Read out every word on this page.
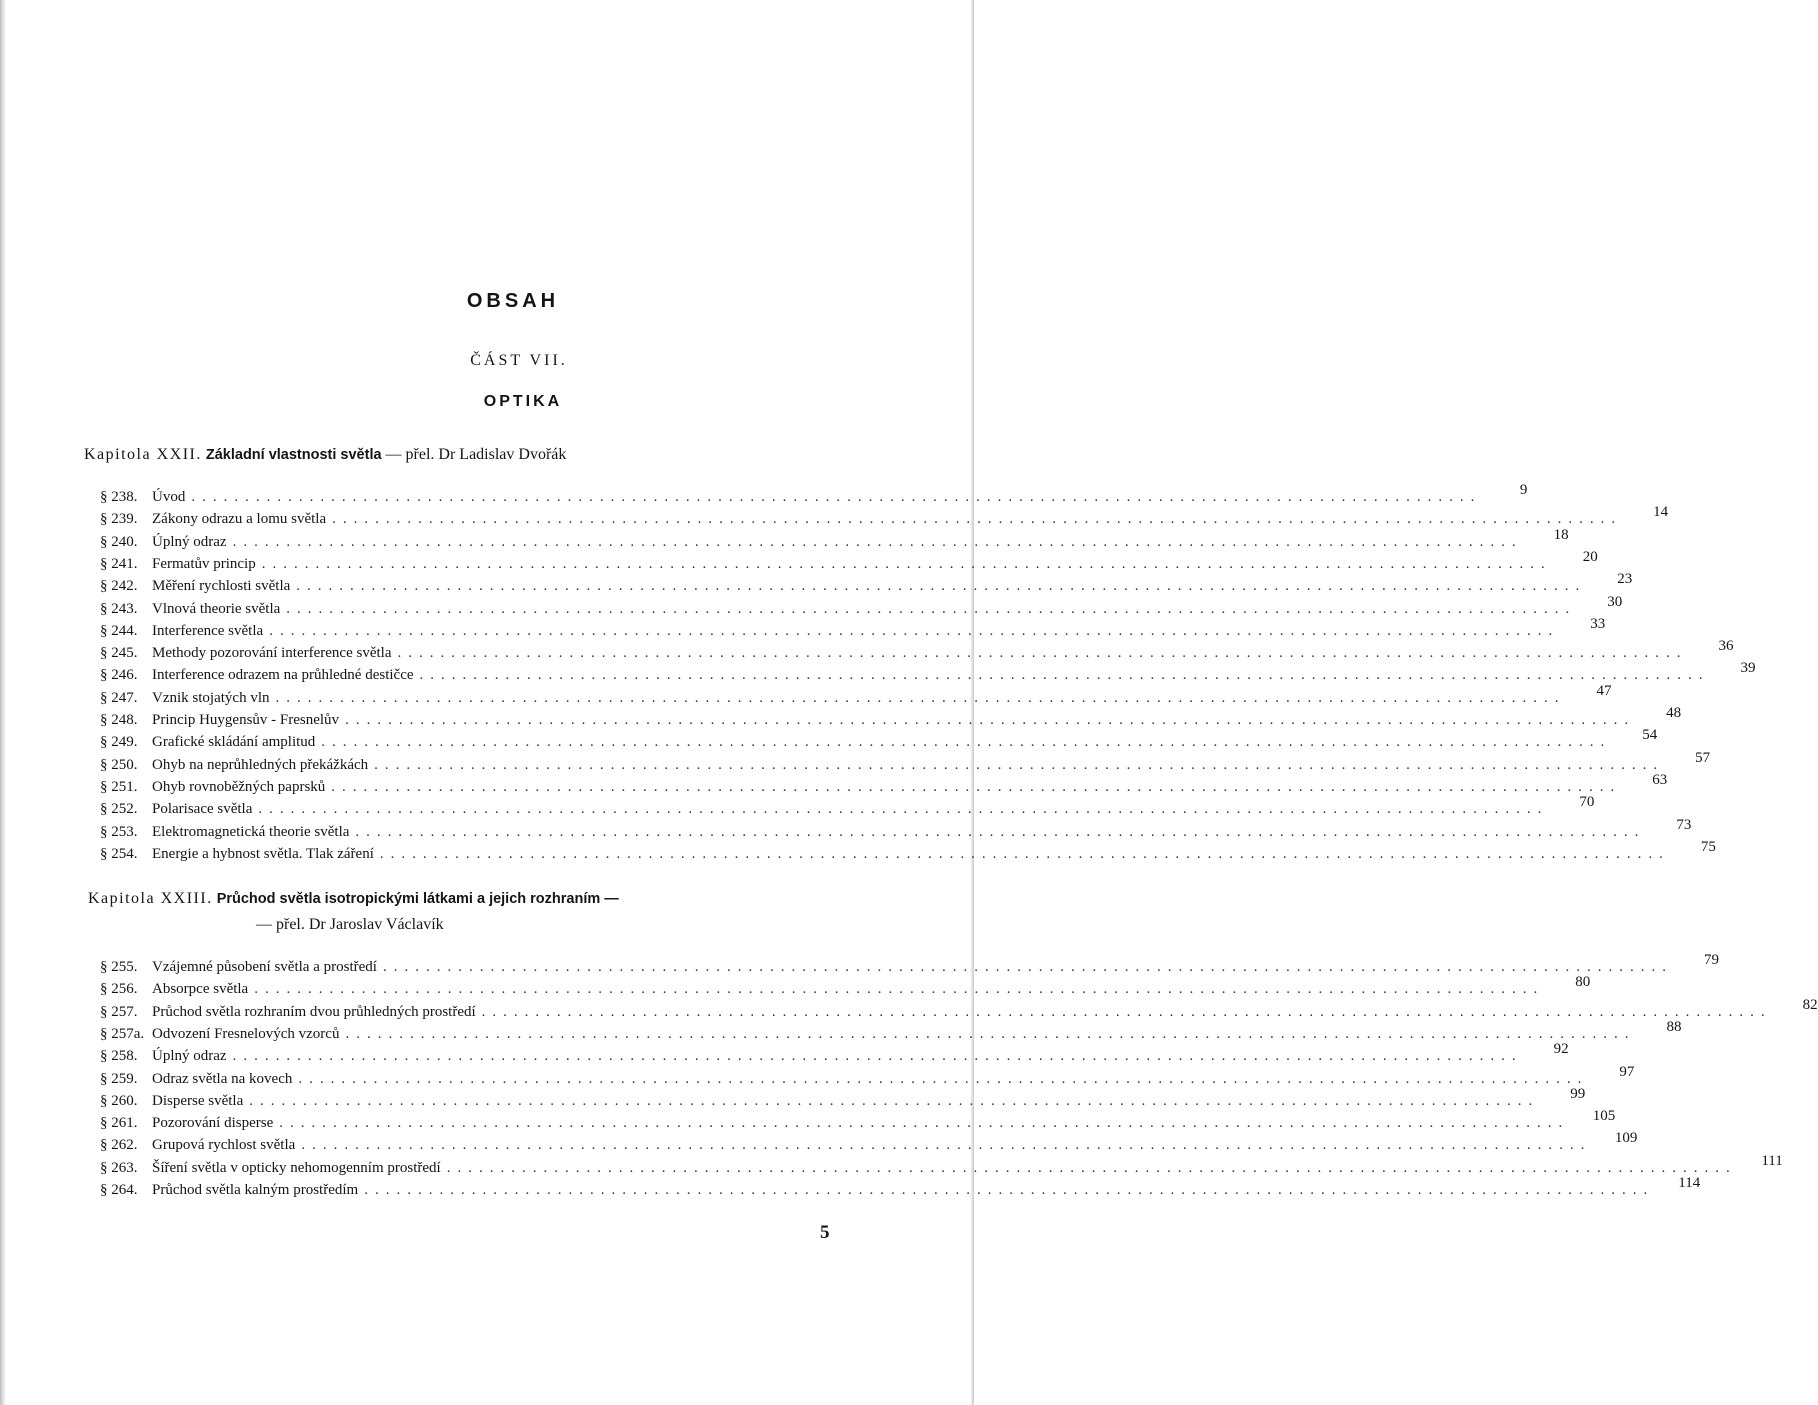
OBSAH
ČÁST VII.
OPTIKA
Kapitola XXII. Základní vlastnosti světla — přel. Dr Ladislav Dvořák
§ 238. Úvod ........................................................................................................................	9
§ 239. Zákony odrazu a lomu světla ........................................................................................................................	14
§ 240. Úplný odraz ........................................................................................................................	18
§ 241. Fermatův princip ........................................................................................................................	20
§ 242. Měření rychlosti světla ........................................................................................................................	23
§ 243. Vlnová theorie světla ........................................................................................................................	30
§ 244. Interference světla ........................................................................................................................	33
§ 245. Methody pozorování interference světla ........................................................................................................................	36
§ 246. Interference odrazem na průhledné destičce ........................................................................................................................	39
§ 247. Vznik stojatých vln ........................................................................................................................	47
§ 248. Princip Huygensův - Fresnelův ........................................................................................................................	48
§ 249. Grafické skládání amplitud ........................................................................................................................	54
§ 250. Ohyb na neprůhledných překážkách ........................................................................................................................	57
§ 251. Ohyb rovnoběžných paprsků ........................................................................................................................	63
§ 252. Polarisace světla ........................................................................................................................	70
§ 253. Elektromagnetická theorie světla ........................................................................................................................	73
§ 254. Energie a hybnost světla. Tlak záření ........................................................................................................................	75
Kapitola XXIII. Průchod světla isotropickými látkami a jejich rozhraním —
— přel. Dr Jaroslav Václavík
§ 255. Vzájemné působení světla a prostředí ........................................................................................................................	79
§ 256. Absorpce světla ........................................................................................................................	80
§ 257. Průchod světla rozhraním dvou průhledných prostředí ........................................................................................................................	82
§ 257a. Odvození Fresnelových vzorců ........................................................................................................................	88
§ 258. Úplný odraz ........................................................................................................................	92
§ 259. Odraz světla na kovech ........................................................................................................................	97
§ 260. Disperse světla ........................................................................................................................	99
§ 261. Pozorování disperse ........................................................................................................................	105
§ 262. Grupová rychlost světla ........................................................................................................................	109
§ 263. Šíření světla v opticky nehomogenním prostředí ........................................................................................................................	111
§ 264. Průchod světla kalným prostředím ........................................................................................................................	114
5
